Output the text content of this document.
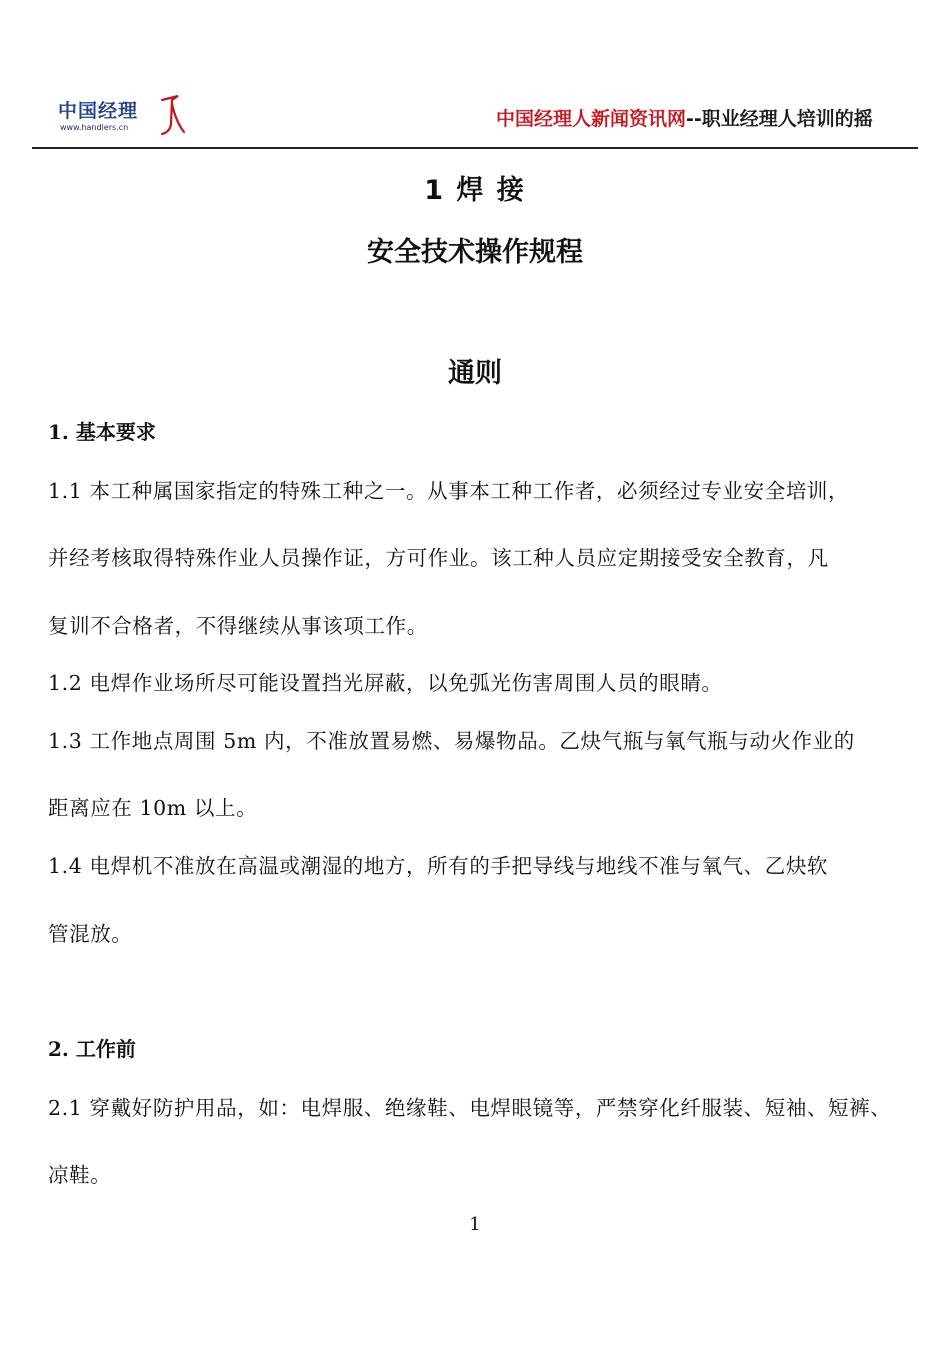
中国经理
www.handlers.cn	中国经理人新闻资讯网--职业经理人培训的摇
1 焊 接
安全技术操作规程
通则
1. 基本要求
1.1 本工种属国家指定的特殊工种之一。从事本工种工作者，必须经过专业安全培训，
并经考核取得特殊作业人员操作证，方可作业。该工种人员应定期接受安全教育，凡
复训不合格者，不得继续从事该项工作。
1.2 电焊作业场所尽可能设置挡光屏蔽，以免弧光伤害周围人员的眼睛。
1.3 工作地点周围 5m 内，不准放置易燃、易爆物品。乙炔气瓶与氧气瓶与动火作业的
距离应在 10m 以上。
1.4 电焊机不准放在高温或潮湿的地方，所有的手把导线与地线不准与氧气、乙炔软
管混放。
2. 工作前
2.1 穿戴好防护用品，如：电焊服、绝缘鞋、电焊眼镜等，严禁穿化纤服装、短袖、短裤、
凉鞋。
1
